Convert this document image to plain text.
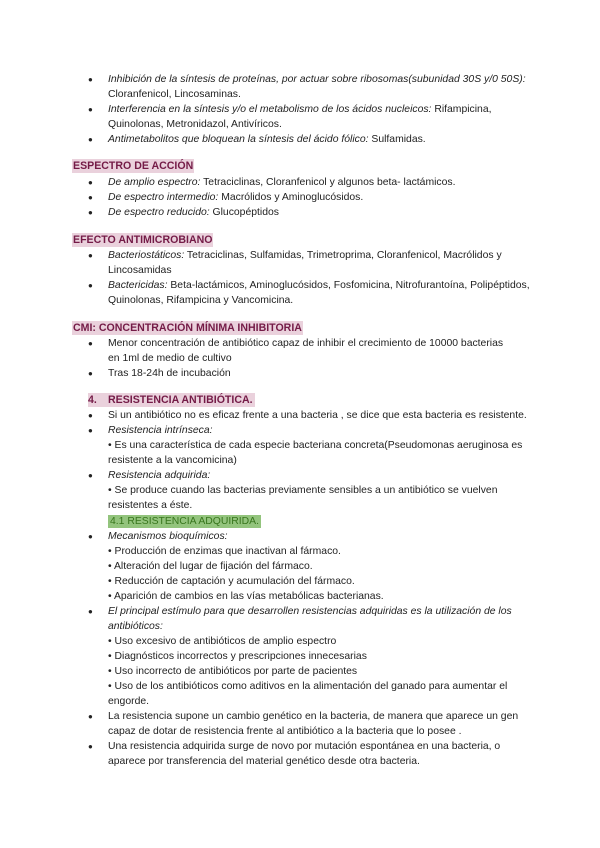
● Inhibición de la síntesis de proteínas, por actuar sobre ribosomas(subunidad 30S y/0 50S): Cloranfenicol, Lincosaminas.
● Interferencia en la síntesis y/o el metabolismo de los ácidos nucleicos: Rifampicina, Quinolonas, Metronidazol, Antivíricos.
● Antimetabolitos que bloquean la síntesis del ácido fólico: Sulfamidas.
ESPECTRO DE ACCIÓN
● De amplio espectro: Tetraciclinas, Cloranfenicol y algunos beta- lactámicos.
● De espectro intermedio: Macrólidos y Aminoglucósidos.
● De espectro reducido: Glucopéptidos
EFECTO ANTIMICROBIANO
● Bacteriostáticos: Tetraciclinas, Sulfamidas, Trimetroprima, Cloranfenicol, Macrólidos y Lincosamidas
● Bactericidas: Beta-lactámicos, Aminoglucósidos, Fosfomicina, Nitrofurantoína, Polipéptidos, Quinolonas, Rifampicina y Vancomicina.
CMI: CONCENTRACIÓN MÍNIMA INHIBITORIA
● Menor concentración de antibiótico capaz de inhibir el crecimiento de 10000 bacterias en 1ml de medio de cultivo
● Tras 18-24h de incubación
4. RESISTENCIA ANTIBIÓTICA.
● Si un antibiótico no es eficaz frente a una bacteria , se dice que esta bacteria es resistente.

● Resistencia intrínseca:

• Es una característica de cada especie bacteriana concreta(Pseudomonas aeruginosa es resistente a la vancomicina)

● Resistencia adquirida:

• Se produce cuando las bacterias previamente sensibles a un antibiótico se vuelven resistentes a éste.

4.1 RESISTENCIA ADQUIRIDA.

● Mecanismos bioquímicos:

• Producción de enzimas que inactivan al fármaco.

• Alteración del lugar de fijación del fármaco.

• Reducción de captación y acumulación del fármaco.

• Aparición de cambios en las vías metabólicas bacterianas.

● El principal estímulo para que desarrollen resistencias adquiridas es la utilización de los antibióticos:

• Uso excesivo de antibióticos de amplio espectro

• Diagnósticos incorrectos y prescripciones innecesarias

• Uso incorrecto de antibióticos por parte de pacientes

• Uso de los antibióticos como aditivos en la alimentación del ganado para aumentar el engorde.

● La resistencia supone un cambio genético en la bacteria, de manera que aparece un gen capaz de dotar de resistencia frente al antibiótico a la bacteria que lo posee .
● Una resistencia adquirida surge de novo por mutación espontánea en una bacteria, o aparece por transferencia del material genético desde otra bacteria.
